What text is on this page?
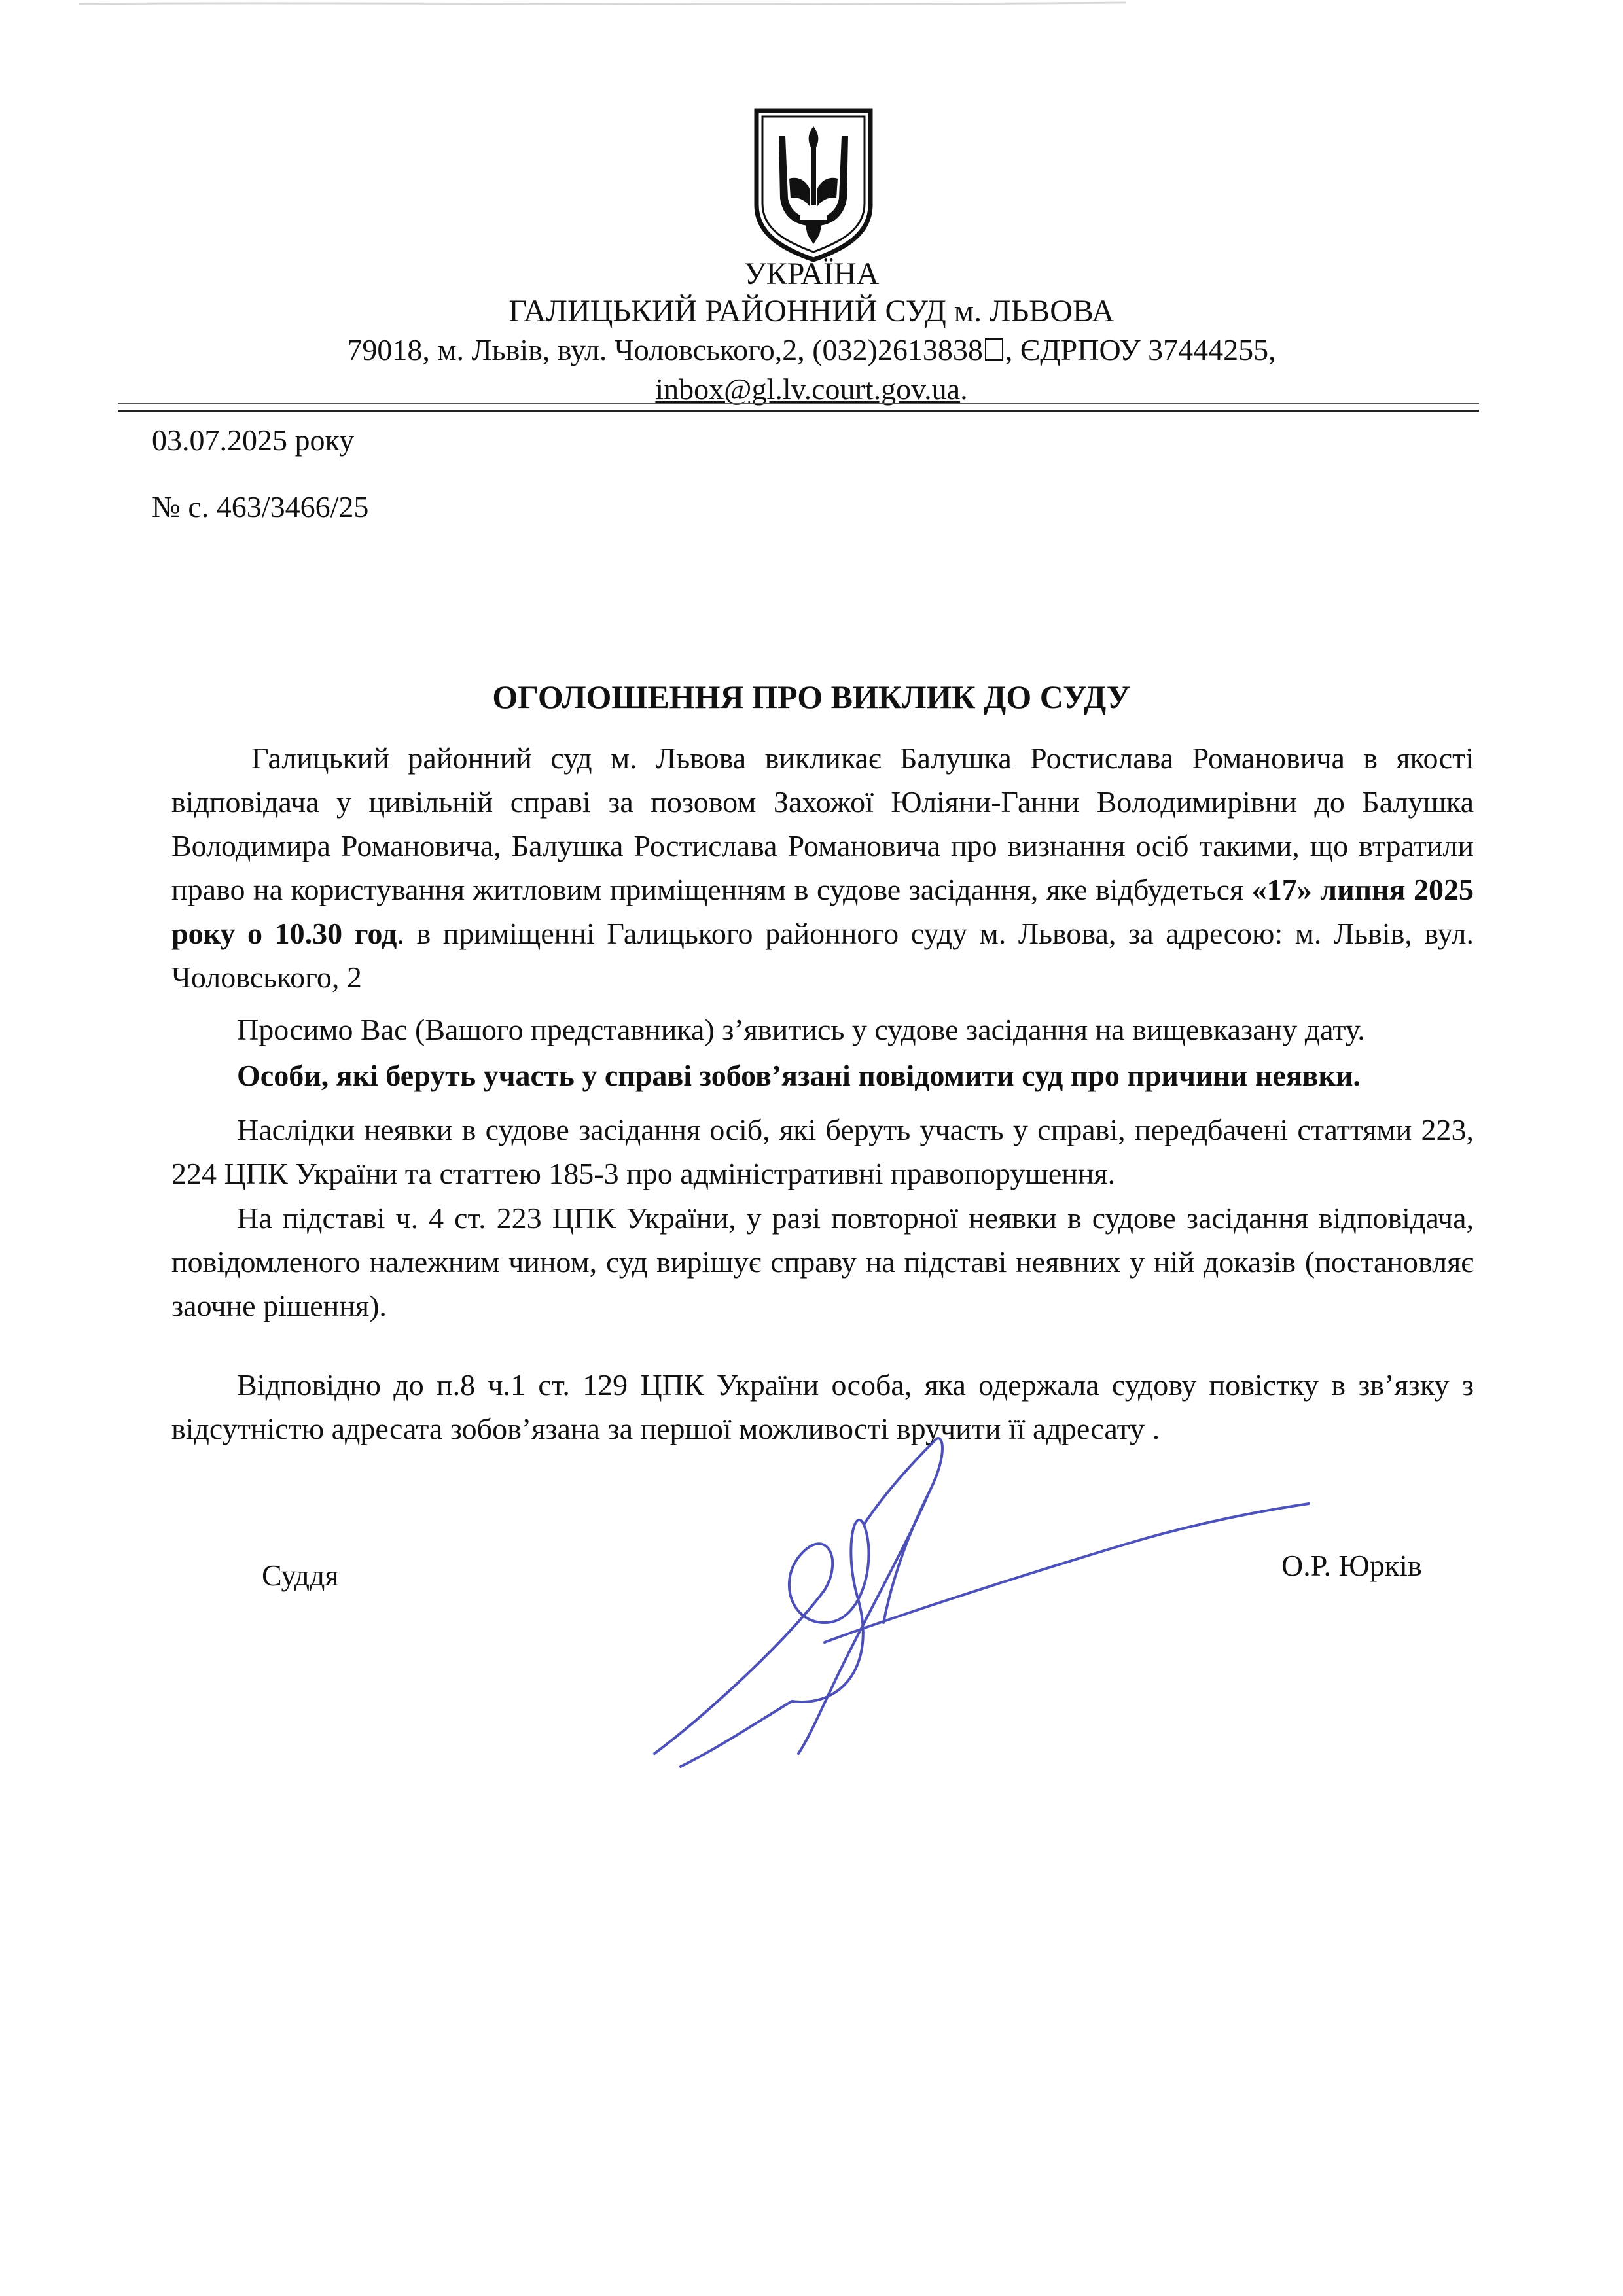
УКРАЇНА
ГАЛИЦЬКИЙ РАЙОННИЙ СУД м. ЛЬВОВА
79018, м. Львів, вул. Чоловського,2, (032)2613838 , ЄДРПОУ 37444255,
inbox@gl.lv.court.gov.ua.
03.07.2025 року
№ с. 463/3466/25
ОГОЛОШЕННЯ ПРО ВИКЛИК ДО СУДУ

Галицький районний суд м. Львова викликає Балушка Ростислава Романовича в якості відповідача у цивільній справі за позовом Захожої Юліяни-Ганни Володимирівни до Балушка Володимира Романовича, Балушка Ростислава Романовича про визнання осіб такими, що втратили право на користування житловим приміщенням в судове засідання, яке відбудеться «17» липня 2025 року о 10.30 год. в приміщенні Галицького районного суду м. Львова, за адресою: м. Львів, вул. Чоловського, 2

Просимо Вас (Вашого представника) з’явитись у судове засідання на вищевказану дату.

Особи, які беруть участь у справі зобов’язані повідомити суд про причини неявки.

Наслідки неявки в судове засідання осіб, які беруть участь у справі, передбачені статтями 223, 224 ЦПК України та статтею 185-3 про адміністративні правопорушення.

На підставі ч. 4 ст. 223 ЦПК України, у разі повторної неявки в судове засідання відповідача, повідомленого належним чином, суд вирішує справу на підставі неявних у ній доказів (постановляє заочне рішення).

Відповідно до п.8 ч.1 ст. 129 ЦПК України особа, яка одержала судову повістку в зв’язку з відсутністю адресата зобов’язана за першої можливості вручити її адресату .

Суддя	О.Р. Юрків
